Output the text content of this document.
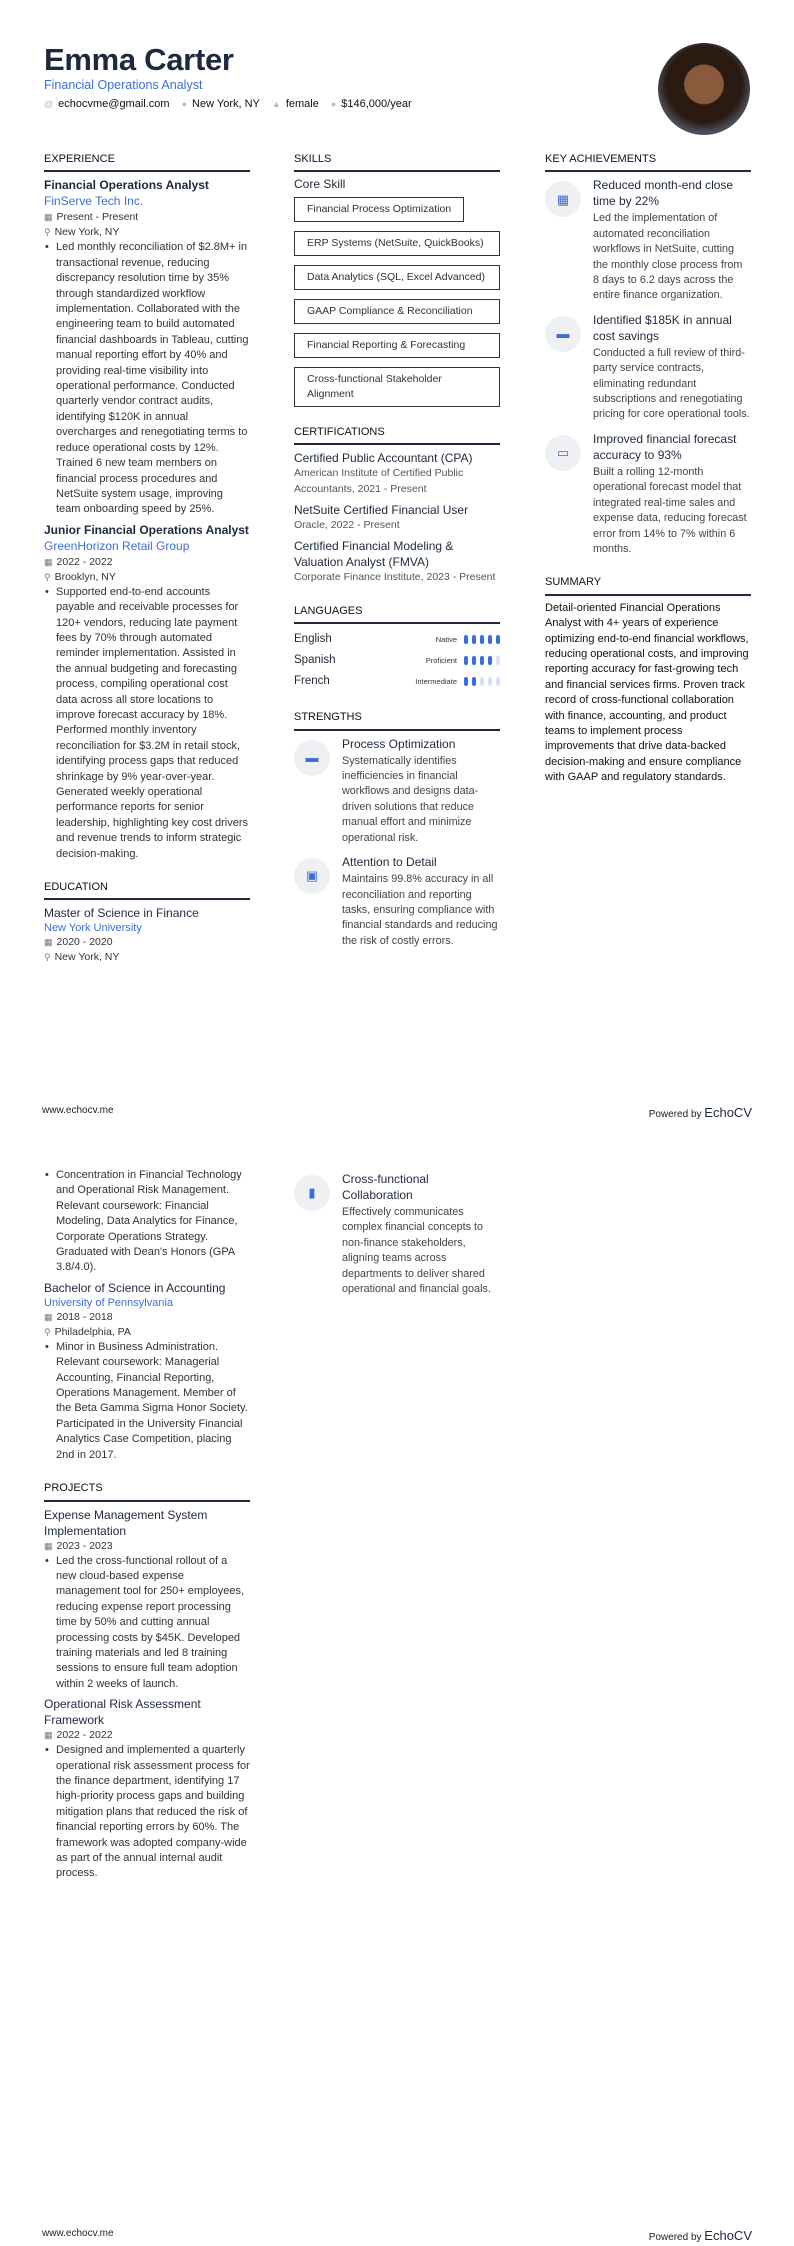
Emma Carter
Financial Operations Analyst
@ echocvme@gmail.com ● New York, NY ▲ female ● $146,000/year
EXPERIENCE
Financial Operations Analyst
FinServe Tech Inc.
▦ Present - Present
⚲ New York, NY
• Led monthly reconciliation of $2.8M+ in transactional revenue, reducing discrepancy resolution time by 35% through standardized workflow implementation. Collaborated with the engineering team to build automated financial dashboards in Tableau, cutting manual reporting effort by 40% and providing real-time visibility into operational performance. Conducted quarterly vendor contract audits, identifying $120K in annual overcharges and renegotiating terms to reduce operational costs by 12%. Trained 6 new team members on financial process procedures and NetSuite system usage, improving team onboarding speed by 25%.
Junior Financial Operations Analyst
GreenHorizon Retail Group
▦ 2022 - 2022
⚲ Brooklyn, NY
• Supported end-to-end accounts payable and receivable processes for 120+ vendors, reducing late payment fees by 70% through automated reminder implementation. Assisted in the annual budgeting and forecasting process, compiling operational cost data across all store locations to improve forecast accuracy by 18%. Performed monthly inventory reconciliation for $3.2M in retail stock, identifying process gaps that reduced shrinkage by 9% year-over-year. Generated weekly operational performance reports for senior leadership, highlighting key cost drivers and revenue trends to inform strategic decision-making.
EDUCATION
Master of Science in Finance
New York University
▦ 2020 - 2020
⚲ New York, NY
SKILLS
Core Skill
Financial Process Optimization
ERP Systems (NetSuite, QuickBooks)
Data Analytics (SQL, Excel Advanced)
GAAP Compliance & Reconciliation
Financial Reporting & Forecasting
Cross-functional Stakeholder Alignment
CERTIFICATIONS
Certified Public Accountant (CPA)
American Institute of Certified Public Accountants, 2021 - Present
NetSuite Certified Financial User
Oracle, 2022 - Present
Certified Financial Modeling & Valuation Analyst (FMVA)
Corporate Finance Institute, 2023 - Present
LANGUAGES
English	Native
Spanish	Proficient
French	Intermediate
STRENGTHS
▬
Process Optimization
Systematically identifies inefficiencies in financial workflows and designs data-driven solutions that reduce manual effort and minimize operational risk.
▣
Attention to Detail
Maintains 99.8% accuracy in all reconciliation and reporting tasks, ensuring compliance with financial standards and reducing the risk of costly errors.
KEY ACHIEVEMENTS
▦
Reduced month-end close time by 22%
Led the implementation of automated reconciliation workflows in NetSuite, cutting the monthly close process from 8 days to 6.2 days across the entire finance organization.
▬
Identified $185K in annual cost savings
Conducted a full review of third-party service contracts, eliminating redundant subscriptions and renegotiating pricing for core operational tools.
▭
Improved financial forecast accuracy to 93%
Built a rolling 12-month operational forecast model that integrated real-time sales and expense data, reducing forecast error from 14% to 7% within 6 months.
SUMMARY
Detail-oriented Financial Operations Analyst with 4+ years of experience optimizing end-to-end financial workflows, reducing operational costs, and improving reporting accuracy for fast-growing tech and financial services firms. Proven track record of cross-functional collaboration with finance, accounting, and product teams to implement process improvements that drive data-backed decision-making and ensure compliance with GAAP and regulatory standards.
www.echocv.me	Powered by EchoCV
• Concentration in Financial Technology and Operational Risk Management. Relevant coursework: Financial Modeling, Data Analytics for Finance, Corporate Operations Strategy. Graduated with Dean's Honors (GPA 3.8/4.0).
Bachelor of Science in Accounting
University of Pennsylvania
▦ 2018 - 2018
⚲ Philadelphia, PA
• Minor in Business Administration. Relevant coursework: Managerial Accounting, Financial Reporting, Operations Management. Member of the Beta Gamma Sigma Honor Society. Participated in the University Financial Analytics Case Competition, placing 2nd in 2017.
PROJECTS
Expense Management System Implementation
▦ 2023 - 2023
• Led the cross-functional rollout of a new cloud-based expense management tool for 250+ employees, reducing expense report processing time by 50% and cutting annual processing costs by $45K. Developed training materials and led 8 training sessions to ensure full team adoption within 2 weeks of launch.
Operational Risk Assessment Framework
▦ 2022 - 2022
• Designed and implemented a quarterly operational risk assessment process for the finance department, identifying 17 high-priority process gaps and building mitigation plans that reduced the risk of financial reporting errors by 60%. The framework was adopted company-wide as part of the annual internal audit process.
▮
Cross-functional Collaboration
Effectively communicates complex financial concepts to non-finance stakeholders, aligning teams across departments to deliver shared operational and financial goals.
www.echocv.me	Powered by EchoCV
